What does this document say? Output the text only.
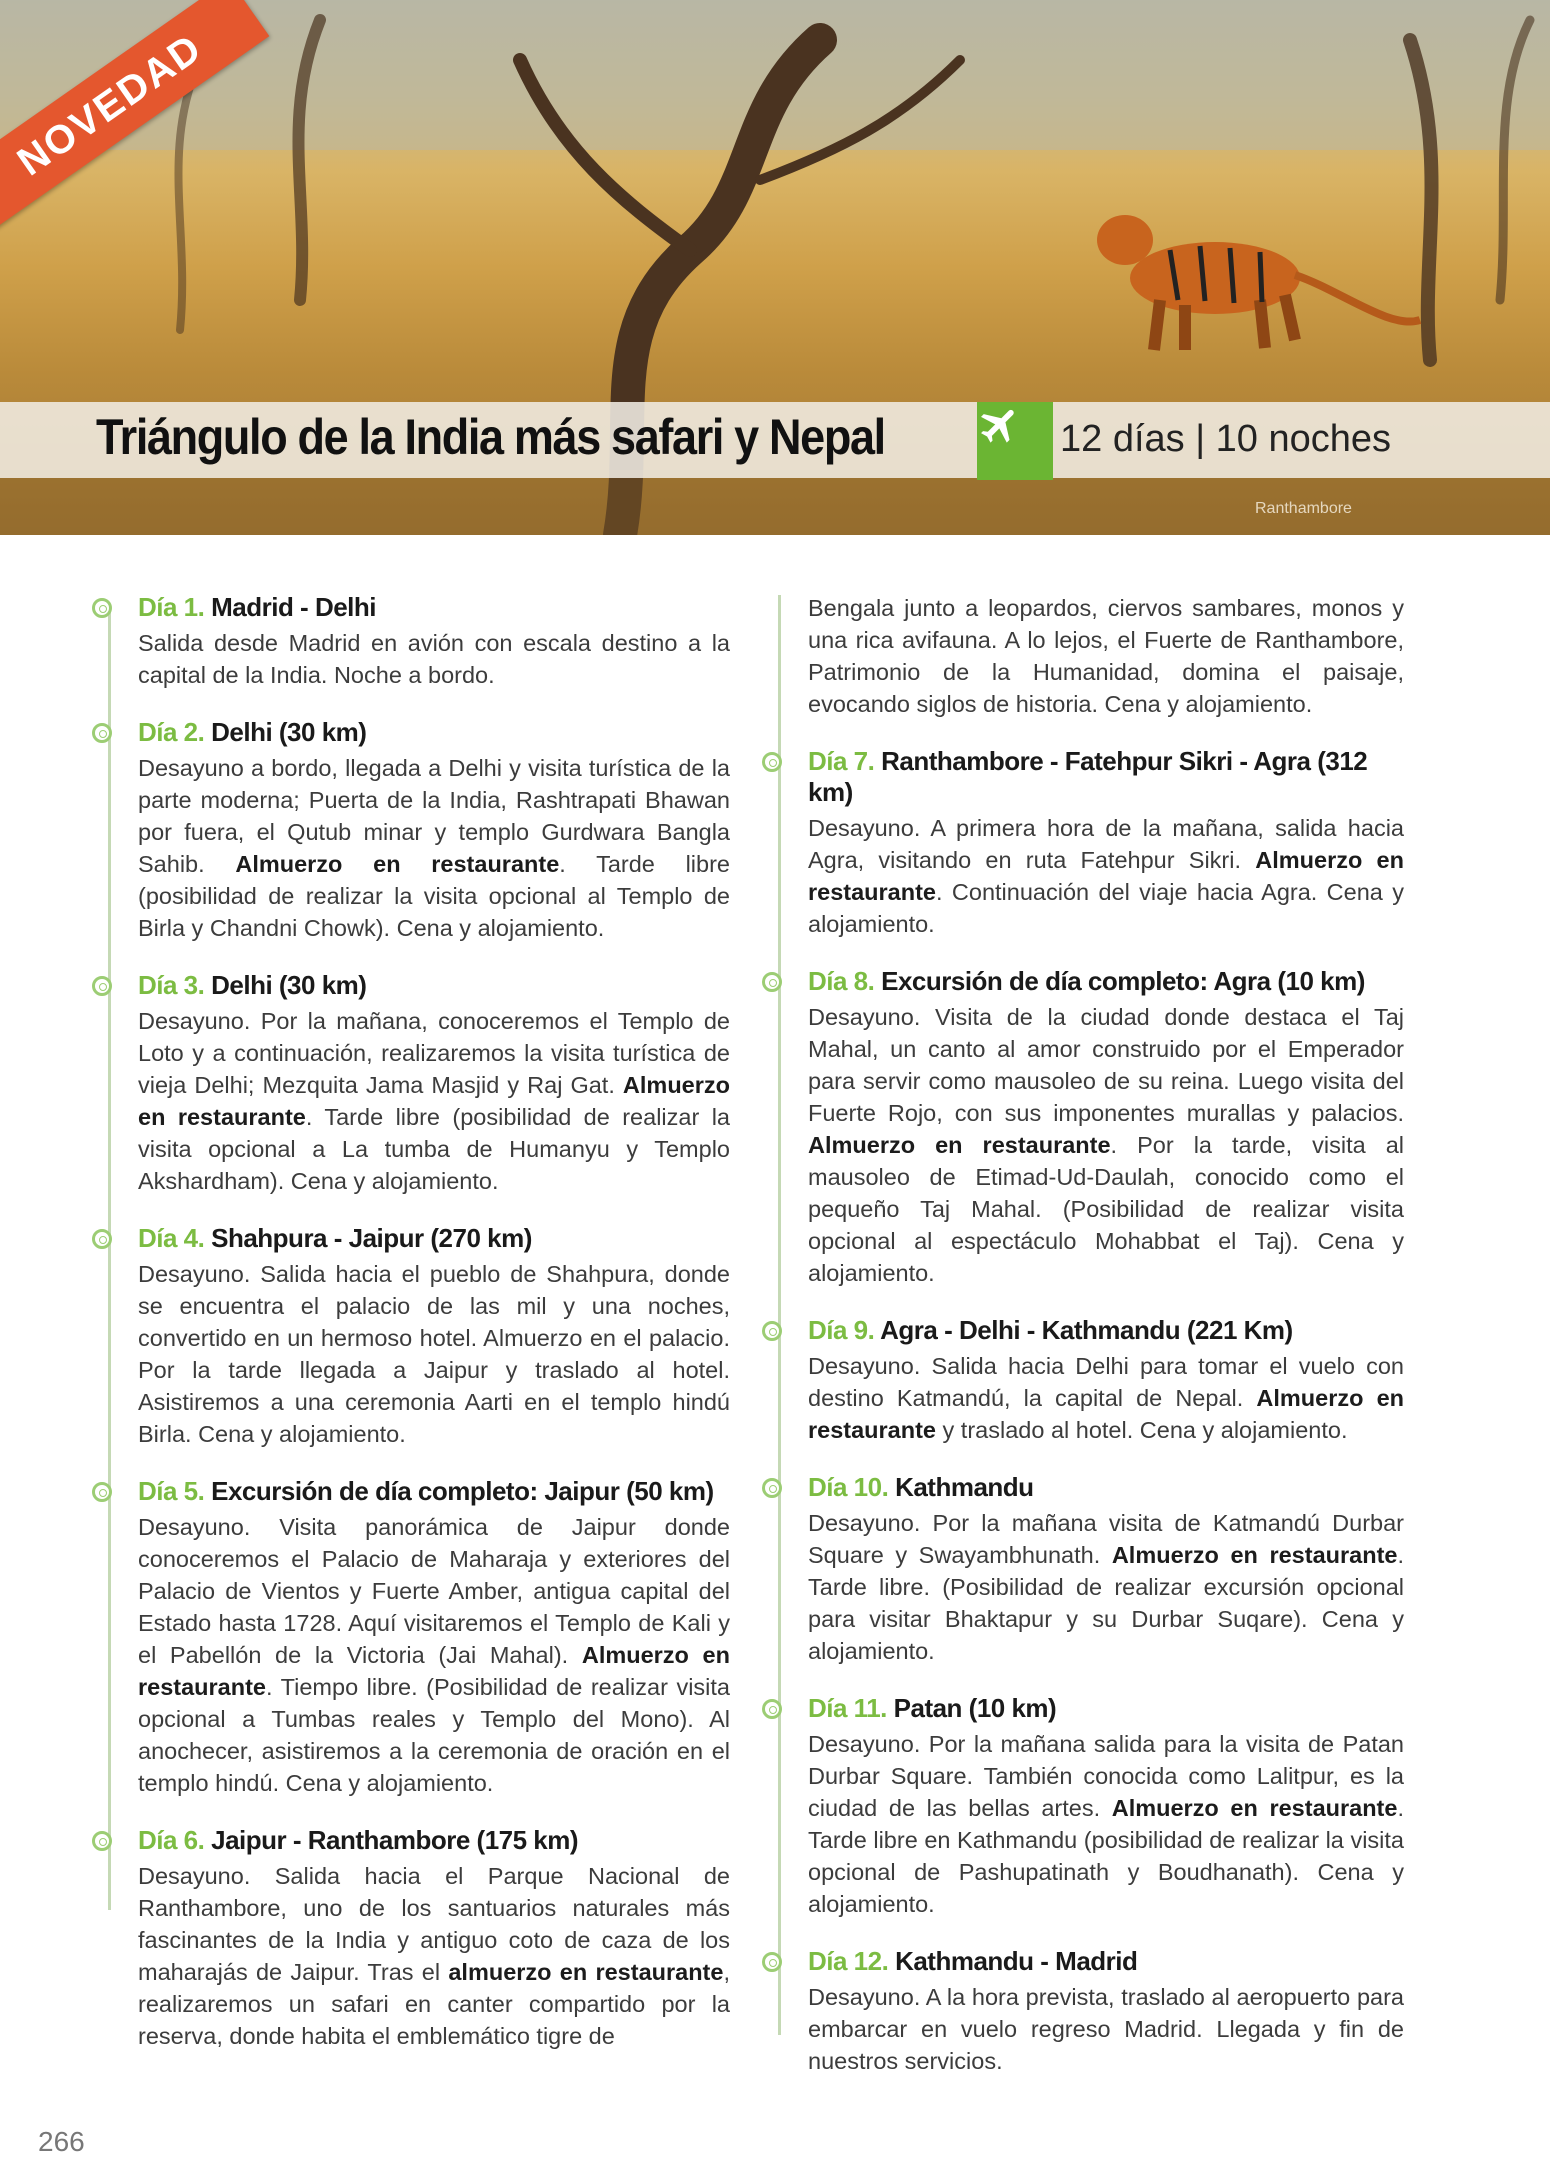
NOVEDAD
Triángulo de la India más safari y Nepal	12 días | 10 noches
Ranthambore
Día 1. Madrid - Delhi

Salida desde Madrid en avión con escala destino a la capital de la India. Noche a bordo.

Día 2. Delhi (30 km)

Desayuno a bordo, llegada a Delhi y visita turística de la parte moderna; Puerta de la India, Rashtrapati Bhawan por fuera, el Qutub minar y templo Gurdwara Bangla Sahib. Almuerzo en restaurante. Tarde libre (posibilidad de realizar la visita opcional al Templo de Birla y Chandni Chowk). Cena y alojamiento.

Día 3. Delhi (30 km)

Desayuno. Por la mañana, conoceremos el Templo de Loto y a continuación, realizaremos la visita turística de vieja Delhi; Mezquita Jama Masjid y Raj Gat. Almuerzo en restaurante. Tarde libre (posibilidad de realizar la visita opcional a La tumba de Humanyu y Templo Akshardham). Cena y alojamiento.

Día 4. Shahpura - Jaipur (270 km)

Desayuno. Salida hacia el pueblo de Shahpura, donde se encuentra el palacio de las mil y una noches, convertido en un hermoso hotel. Almuerzo en el palacio. Por la tarde llegada a Jaipur y traslado al hotel. Asistiremos a una ceremonia Aarti en el templo hindú Birla. Cena y alojamiento.

Día 5. Excursión de día completo: Jaipur (50 km)

Desayuno. Visita panorámica de Jaipur donde conoceremos el Palacio de Maharaja y exteriores del Palacio de Vientos y Fuerte Amber, antigua capital del Estado hasta 1728. Aquí visitaremos el Templo de Kali y el Pabellón de la Victoria (Jai Mahal). Almuerzo en restaurante. Tiempo libre. (Posibilidad de realizar visita opcional a Tumbas reales y Templo del Mono). Al anochecer, asistiremos a la ceremonia de oración en el templo hindú. Cena y alojamiento.

Día 6. Jaipur - Ranthambore (175 km)

Desayuno. Salida hacia el Parque Nacional de Ranthambore, uno de los santuarios naturales más fascinantes de la India y antiguo coto de caza de los maharajás de Jaipur. Tras el almuerzo en restaurante, realizaremos un safari en canter compartido por la reserva, donde habita el emblemático tigre de

Bengala junto a leopardos, ciervos sambares, monos y una rica avifauna. A lo lejos, el Fuerte de Ranthambore, Patrimonio de la Humanidad, domina el paisaje, evocando siglos de historia. Cena y alojamiento.

Día 7. Ranthambore - Fatehpur Sikri - Agra (312 km)

Desayuno. A primera hora de la mañana, salida hacia Agra, visitando en ruta Fatehpur Sikri. Almuerzo en restaurante. Continuación del viaje hacia Agra. Cena y alojamiento.

Día 8. Excursión de día completo: Agra (10 km)

Desayuno. Visita de la ciudad donde destaca el Taj Mahal, un canto al amor construido por el Emperador para servir como mausoleo de su reina. Luego visita del Fuerte Rojo, con sus imponentes murallas y palacios. Almuerzo en restaurante. Por la tarde, visita al mausoleo de Etimad-Ud-Daulah, conocido como el pequeño Taj Mahal. (Posibilidad de realizar visita opcional al espectáculo Mohabbat el Taj). Cena y alojamiento.

Día 9. Agra - Delhi - Kathmandu (221 Km)

Desayuno. Salida hacia Delhi para tomar el vuelo con destino Katmandú, la capital de Nepal. Almuerzo en restaurante y traslado al hotel. Cena y alojamiento.

Día 10. Kathmandu

Desayuno. Por la mañana visita de Katmandú Durbar Square y Swayambhunath. Almuerzo en restaurante. Tarde libre. (Posibilidad de realizar excursión opcional para visitar Bhaktapur y su Durbar Suqare). Cena y alojamiento.

Día 11. Patan (10 km)

Desayuno. Por la mañana salida para la visita de Patan Durbar Square. También conocida como Lalitpur, es la ciudad de las bellas artes. Almuerzo en restaurante. Tarde libre en Kathmandu (posibilidad de realizar la visita opcional de Pashupatinath y Boudhanath). Cena y alojamiento.

Día 12. Kathmandu - Madrid

Desayuno. A la hora prevista, traslado al aeropuerto para embarcar en vuelo regreso Madrid. Llegada y fin de nuestros servicios.

266
